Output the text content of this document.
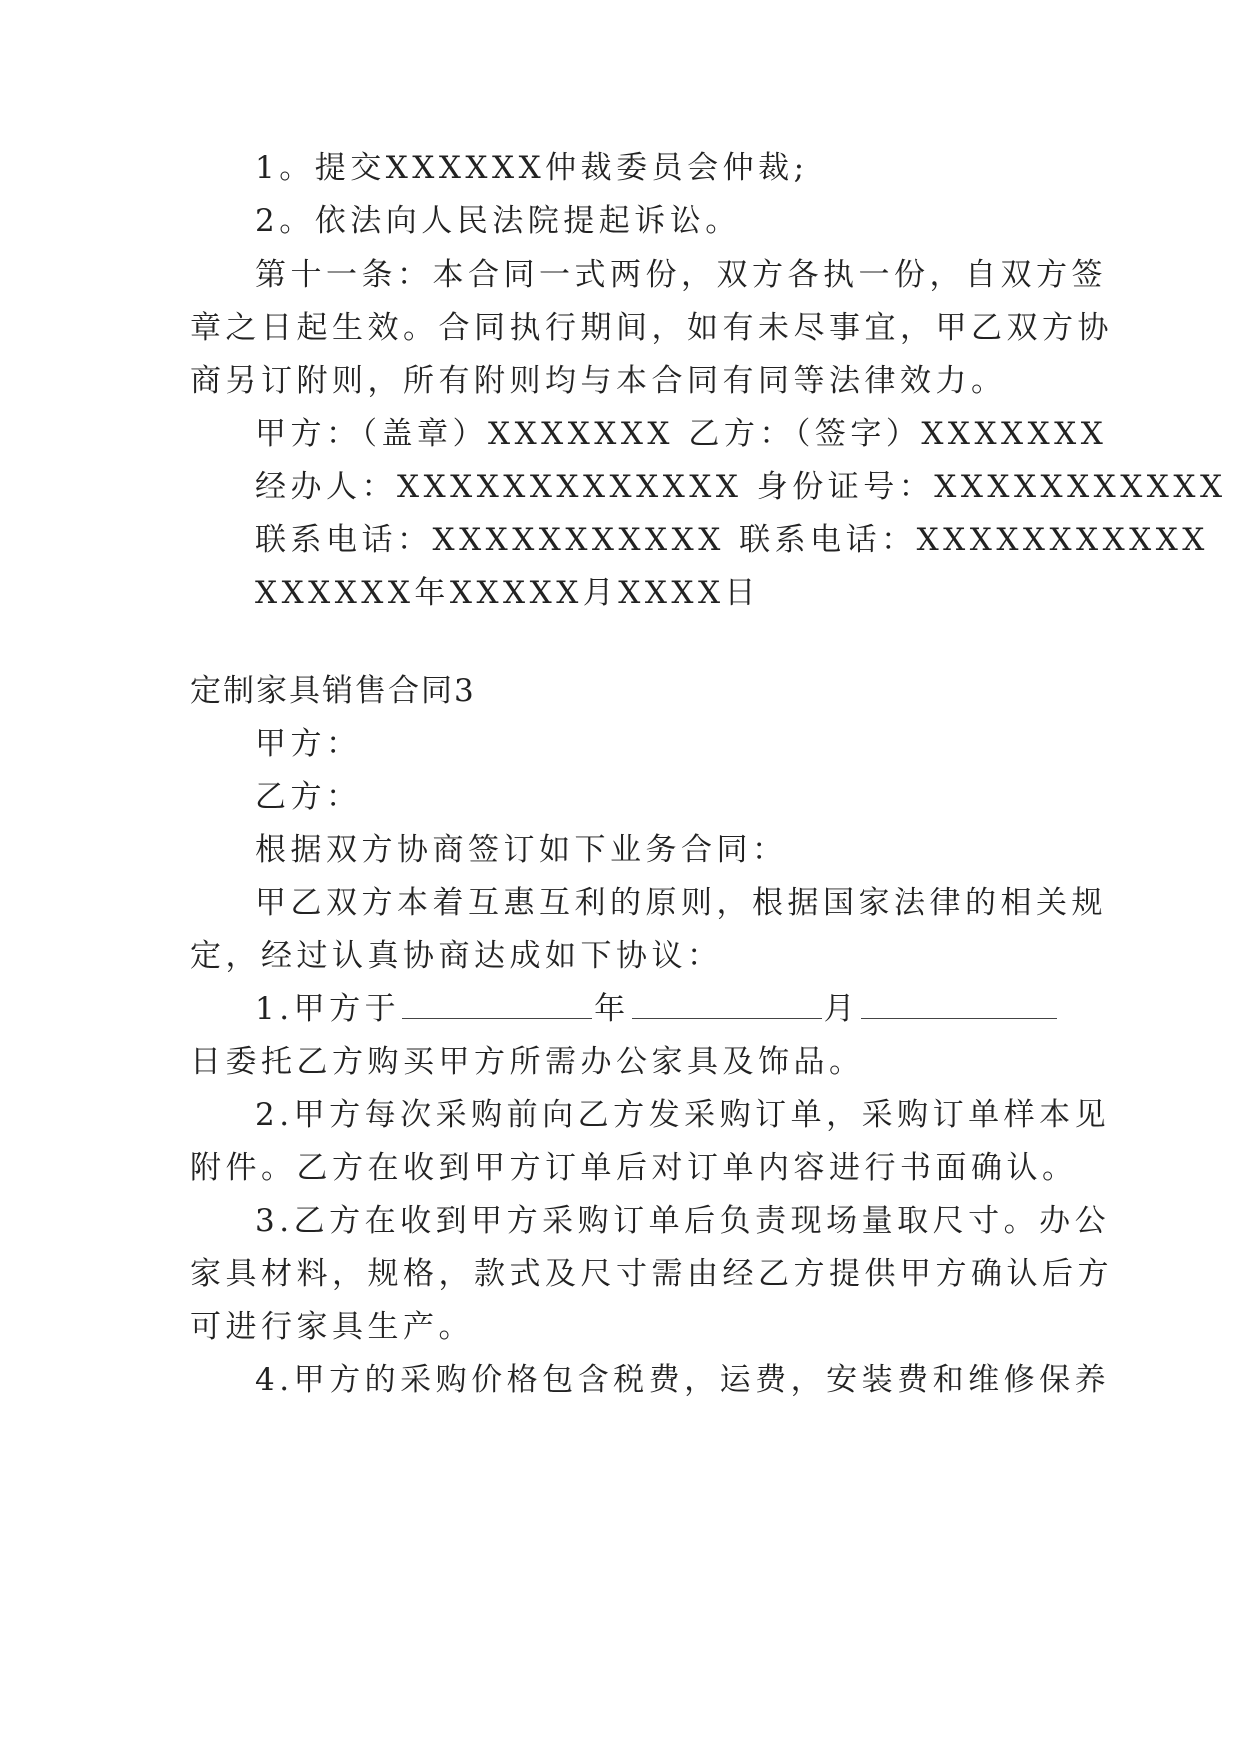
1。提交XXXXXX仲裁委员会仲裁;
2。依法向人民法院提起诉讼。
第十一条：本合同一式两份，双方各执一份，自双方签
章之日起生效。合同执行期间，如有未尽事宜，甲乙双方协
商另订附则，所有附则均与本合同有同等法律效力。
甲方：（盖章）XXXXXXX 乙方：（签字）XXXXXXX
经办人：XXXXXXXXXXXXX 身份证号：XXXXXXXXXXX
联系电话：XXXXXXXXXXX 联系电话：XXXXXXXXXXX
XXXXXX年XXXXX月XXXX日
定制家具销售合同3
甲方：
乙方：
根据双方协商签订如下业务合同：
甲乙双方本着互惠互利的原则，根据国家法律的相关规
定，经过认真协商达成如下协议：
1.甲方于	年	月
日委托乙方购买甲方所需办公家具及饰品。
2.甲方每次采购前向乙方发采购订单，采购订单样本见
附件。乙方在收到甲方订单后对订单内容进行书面确认。
3.乙方在收到甲方采购订单后负责现场量取尺寸。办公
家具材料，规格，款式及尺寸需由经乙方提供甲方确认后方
可进行家具生产。
4.甲方的采购价格包含税费，运费，安装费和维修保养
